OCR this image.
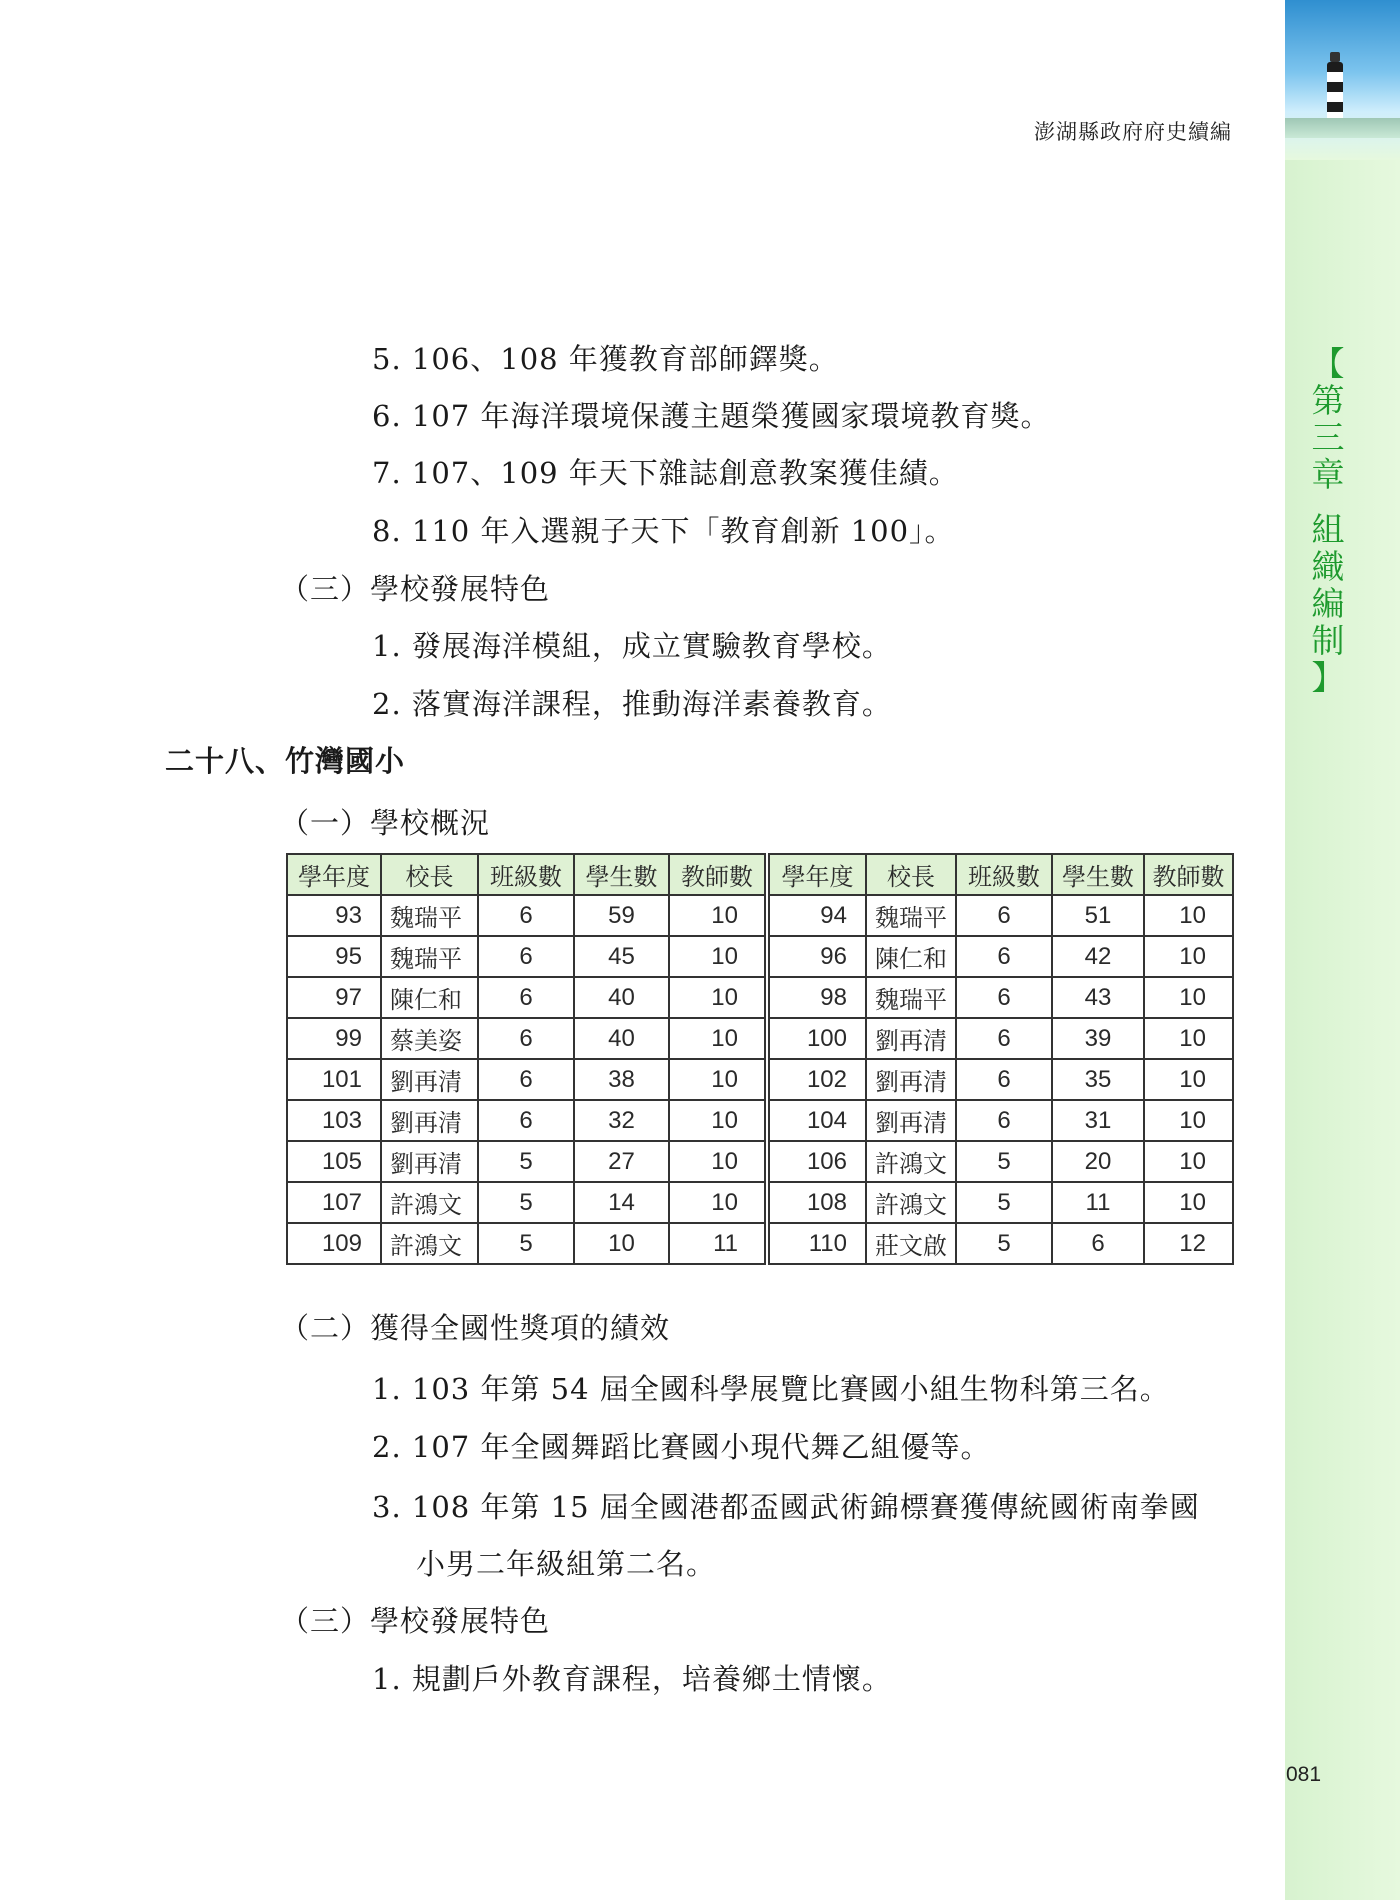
【
第
三
章
組
織
編
制
】
澎湖縣政府府史續編
5. 106、108 年獲教育部師鐸獎。
6. 107 年海洋環境保護主題榮獲國家環境教育獎。
7. 107、109 年天下雜誌創意教案獲佳績。
8. 110 年入選親子天下「教育創新 100」。
（三）學校發展特色
1. 發展海洋模組，成立實驗教育學校。
2. 落實海洋課程，推動海洋素養教育。
二十八、竹灣國小
（一）學校概況
學年度	校長	班級數	學生數	教師數	學年度	校長	班級數	學生數	教師數
93	魏瑞平	6	59	10	94	魏瑞平	6	51	10
95	魏瑞平	6	45	10	96	陳仁和	6	42	10
97	陳仁和	6	40	10	98	魏瑞平	6	43	10
99	蔡美姿	6	40	10	100	劉再清	6	39	10
101	劉再清	6	38	10	102	劉再清	6	35	10
103	劉再清	6	32	10	104	劉再清	6	31	10
105	劉再清	5	27	10	106	許鴻文	5	20	10
107	許鴻文	5	14	10	108	許鴻文	5	11	10
109	許鴻文	5	10	11	110	莊文啟	5	6	12
（二）獲得全國性獎項的績效
1. 103 年第 54 屆全國科學展覽比賽國小組生物科第三名。
2. 107 年全國舞蹈比賽國小現代舞乙組優等。
3. 108 年第 15 屆全國港都盃國武術錦標賽獲傳統國術南拳國
小男二年級組第二名。
（三）學校發展特色
1. 規劃戶外教育課程，培養鄉土情懷。
081
